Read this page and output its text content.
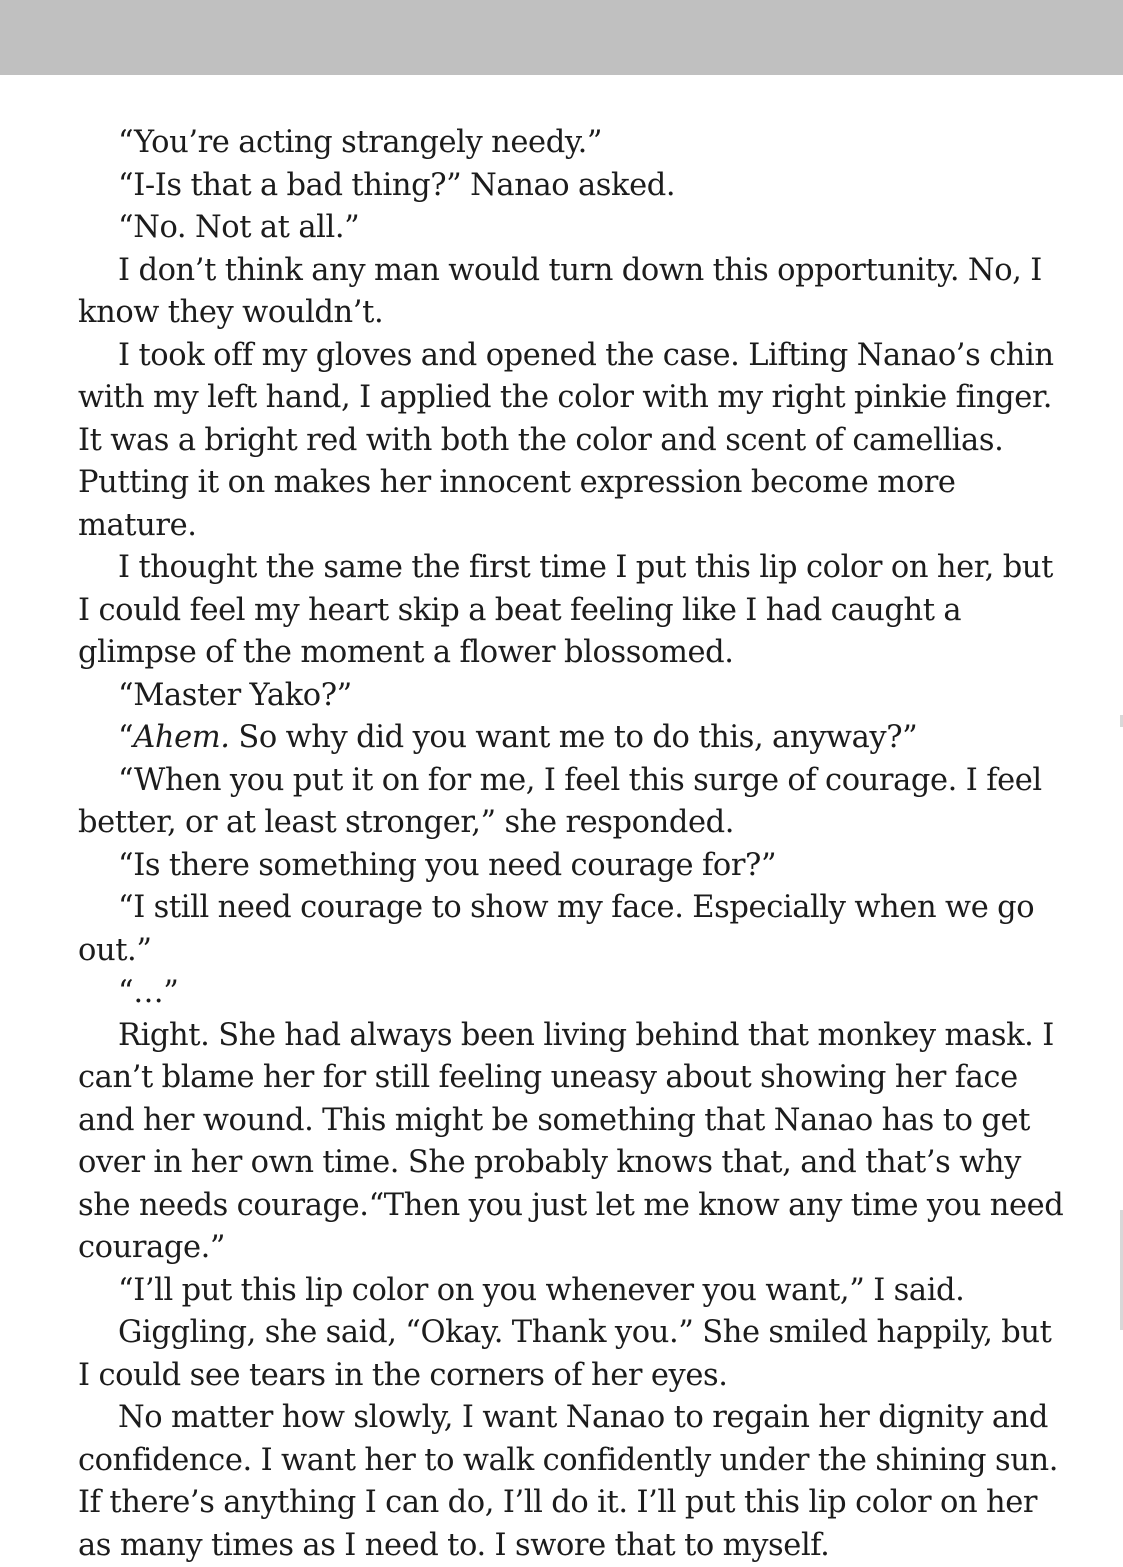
“You’re acting strangely needy.”

“I-Is that a bad thing?” Nanao asked.

“No. Not at all.”

I don’t think any man would turn down this opportunity. No, I know they wouldn’t.

I took off my gloves and opened the case. Lifting Nanao’s chin with my left hand, I applied the color with my right pinkie finger. It was a bright red with both the color and scent of camellias. Putting it on makes her innocent expression become more mature.

I thought the same the first time I put this lip color on her, but I could feel my heart skip a beat feeling like I had caught a glimpse of the moment a flower blossomed.

“Master Yako?”

“Ahem. So why did you want me to do this, anyway?”

“When you put it on for me, I feel this surge of courage. I feel better, or at least stronger,” she responded.

“Is there something you need courage for?”

“I still need courage to show my face. Especially when we go out.”

“…”

Right. She had always been living behind that monkey mask. I can’t blame her for still feeling uneasy about showing her face and her wound. This might be something that Nanao has to get over in her own time. She probably knows that, and that’s why she needs courage.“Then you just let me know any time you need courage.”

“I’ll put this lip color on you whenever you want,” I said.

Giggling, she said, “Okay. Thank you.” She smiled happily, but I could see tears in the corners of her eyes.

No matter how slowly, I want Nanao to regain her dignity and confidence. I want her to walk confidently under the shining sun. If there’s anything I can do, I’ll do it. I’ll put this lip color on her as many times as I need to. I swore that to myself.
